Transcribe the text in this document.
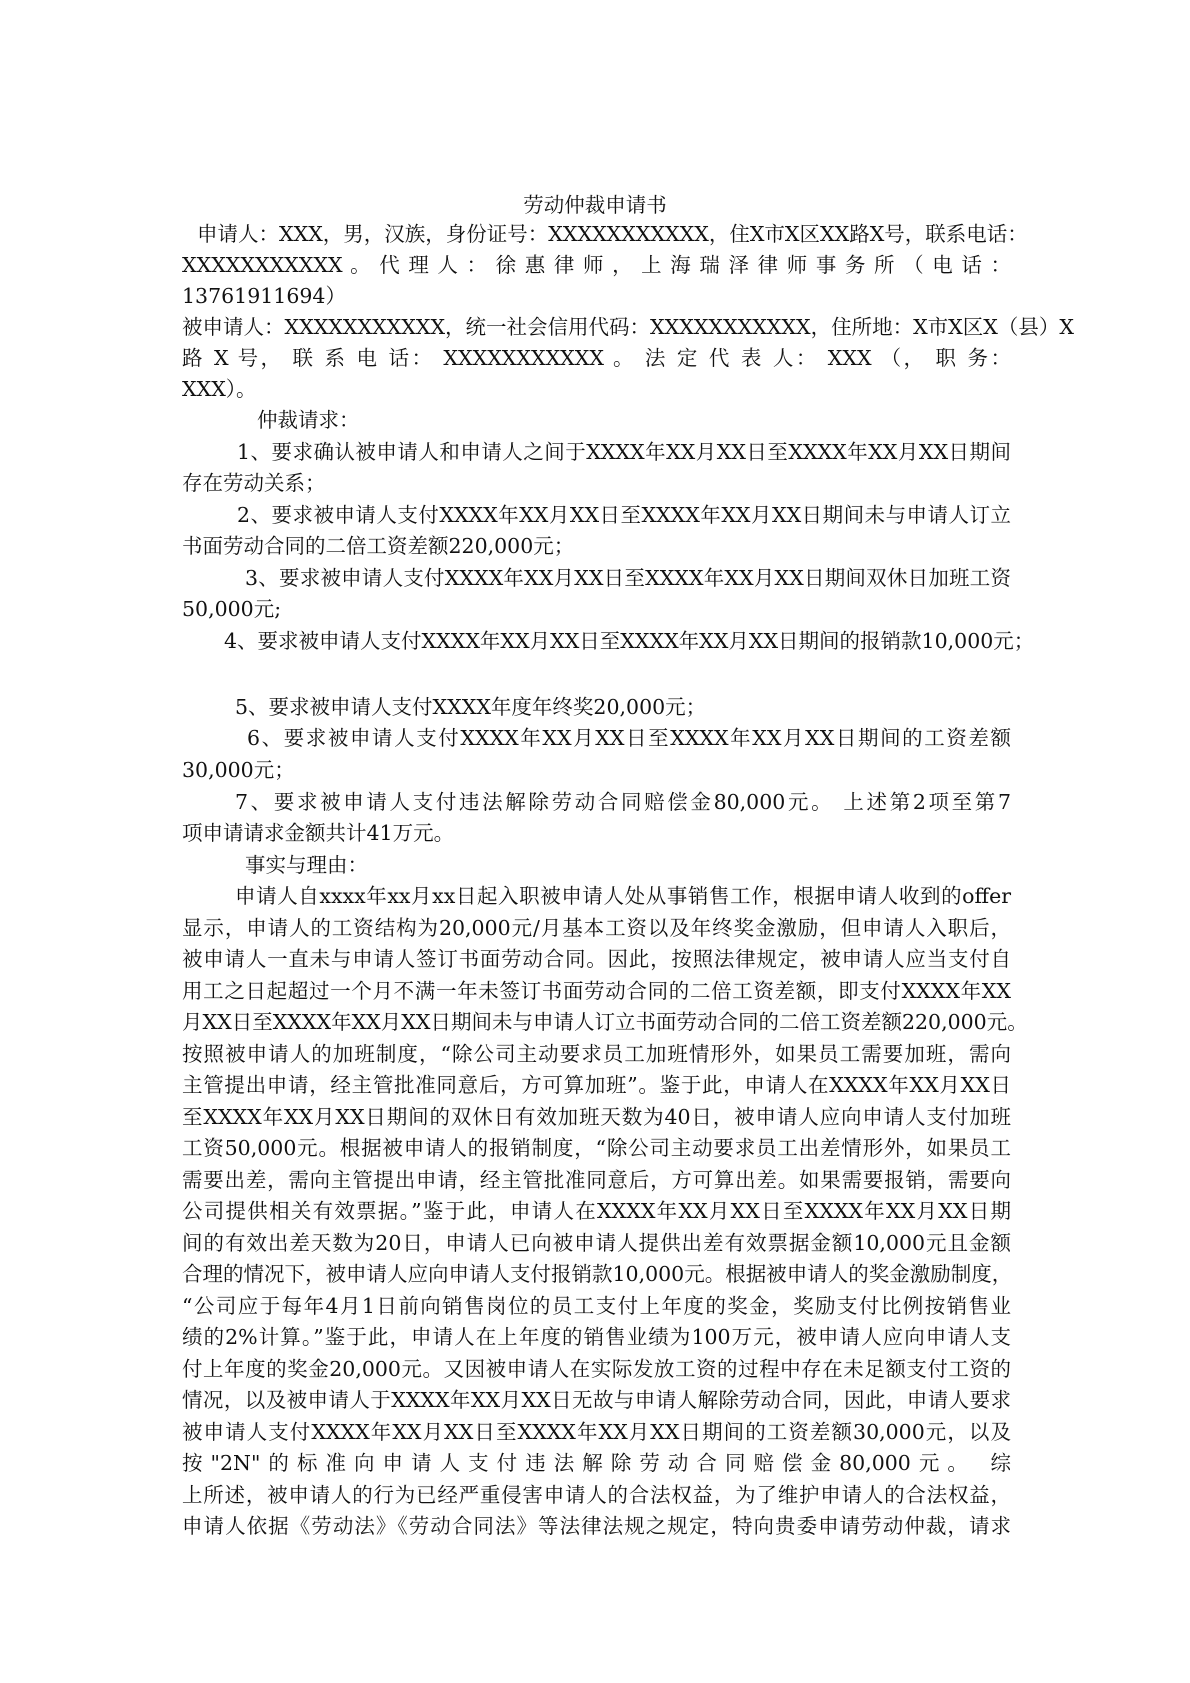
劳动仲裁申请书
申请人：XXX，男，汉族，身份证号：XXXXXXXXXXX，住X市X区XX路X号，联系电话：
XXXXXXXXXXX 。 代 理 人 ： 徐 惠 律 师 ， 上 海 瑞 泽 律 师 事 务 所 （ 电 话 ：
13761911694）
被申请人：XXXXXXXXXXX，统一社会信用代码：XXXXXXXXXXX，住所地：X市X区X（县）X
路 X 号， 联 系 电 话： XXXXXXXXXXX 。 法 定 代 表 人： XXX （， 职 务：
XXX）。
仲裁请求：
1、要求确认被申请人和申请人之间于XXXX年XX月XX日至XXXX年XX月XX日期间
存在劳动关系；
2、要求被申请人支付XXXX年XX月XX日至XXXX年XX月XX日期间未与申请人订立
书面劳动合同的二倍工资差额220,000元；
3、要求被申请人支付XXXX年XX月XX日至XXXX年XX月XX日期间双休日加班工资
50,000元;
4、要求被申请人支付XXXX年XX月XX日至XXXX年XX月XX日期间的报销款10,000元；
5、要求被申请人支付XXXX年度年终奖20,000元；
6、要求被申请人支付XXXX年XX月XX日至XXXX年XX月XX日期间的工资差额
30,000元；
7、要求被申请人支付违法解除劳动合同赔偿金80,000元。 上述第2项至第7
项申请请求金额共计41万元。
事实与理由：
申请人自xxxx年xx月xx日起入职被申请人处从事销售工作，根据申请人收到的offer
显示，申请人的工资结构为20,000元/月基本工资以及年终奖金激励，但申请人入职后，
被申请人一直未与申请人签订书面劳动合同。因此，按照法律规定，被申请人应当支付自
用工之日起超过一个月不满一年未签订书面劳动合同的二倍工资差额，即支付XXXX年XX
月XX日至XXXX年XX月XX日期间未与申请人订立书面劳动合同的二倍工资差额220,000元。
按照被申请人的加班制度，“除公司主动要求员工加班情形外，如果员工需要加班，需向
主管提出申请，经主管批准同意后，方可算加班”。鉴于此，申请人在XXXX年XX月XX日
至XXXX年XX月XX日期间的双休日有效加班天数为40日，被申请人应向申请人支付加班
工资50,000元。根据被申请人的报销制度，“除公司主动要求员工出差情形外，如果员工
需要出差，需向主管提出申请，经主管批准同意后，方可算出差。如果需要报销，需要向
公司提供相关有效票据。”鉴于此，申请人在XXXX年XX月XX日至XXXX年XX月XX日期
间的有效出差天数为20日，申请人已向被申请人提供出差有效票据金额10,000元且金额
合理的情况下，被申请人应向申请人支付报销款10,000元。根据被申请人的奖金激励制度，
“公司应于每年4月1日前向销售岗位的员工支付上年度的奖金，奖励支付比例按销售业
绩的2%计算。”鉴于此，申请人在上年度的销售业绩为100万元，被申请人应向申请人支
付上年度的奖金20,000元。又因被申请人在实际发放工资的过程中存在未足额支付工资的
情况，以及被申请人于XXXX年XX月XX日无故与申请人解除劳动合同，因此，申请人要求
被申请人支付XXXX年XX月XX日至XXXX年XX月XX日期间的工资差额30,000元，以及
按"2N"的标准向申请人支付违法解除劳动合同赔偿金80,000元。 综
上所述，被申请人的行为已经严重侵害申请人的合法权益，为了维护申请人的合法权益，
申请人依据《劳动法》《劳动合同法》等法律法规之规定，特向贵委申请劳动仲裁，请求
